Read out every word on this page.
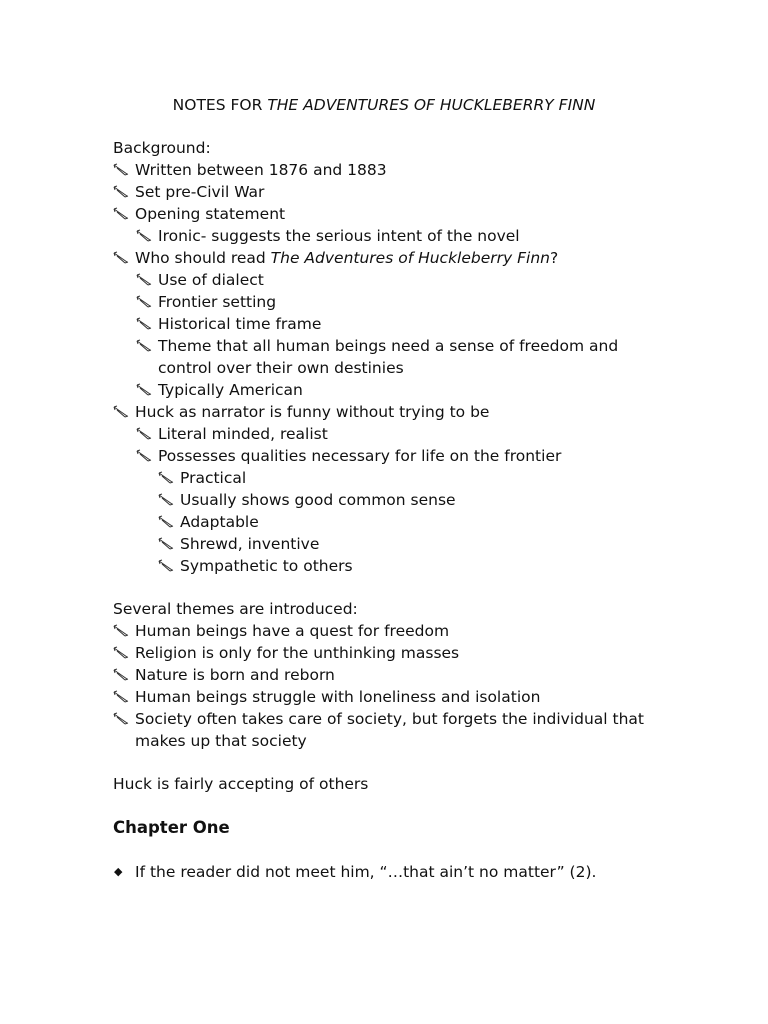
NOTES FOR THE ADVENTURES OF HUCKLEBERRY FINN
Background:
Written between 1876 and 1883
Set pre-Civil War
Opening statement
Ironic- suggests the serious intent of the novel
Who should read The Adventures of Huckleberry Finn?
Use of dialect
Frontier setting
Historical time frame
Theme that all human beings need a sense of freedom and
control over their own destinies
Typically American
Huck as narrator is funny without trying to be
Literal minded, realist
Possesses qualities necessary for life on the frontier
Practical
Usually shows good common sense
Adaptable
Shrewd, inventive
Sympathetic to others
Several themes are introduced:
Human beings have a quest for freedom
Religion is only for the unthinking masses
Nature is born and reborn
Human beings struggle with loneliness and isolation
Society often takes care of society, but forgets the individual that
makes up that society
Huck is fairly accepting of others
Chapter One
◆ If the reader did not meet him, “…that ain’t no matter” (2).
